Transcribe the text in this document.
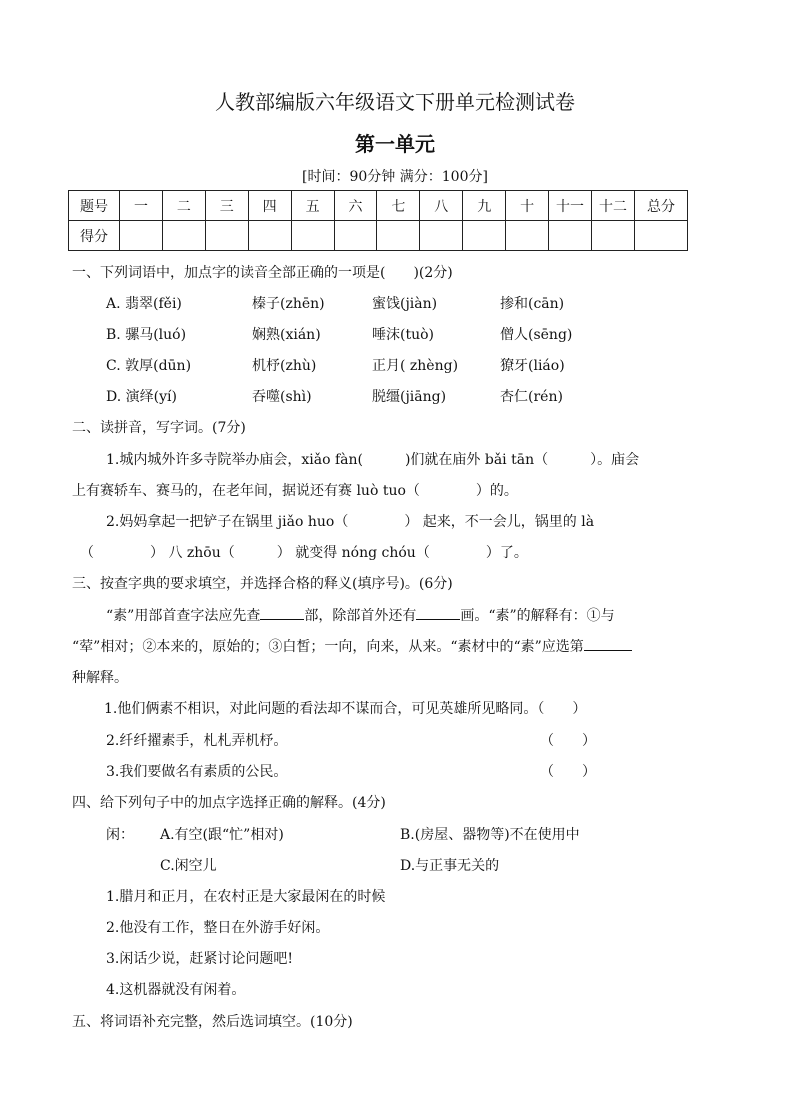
人教部编版六年级语文下册单元检测试卷
第一单元
[时间：90分钟 满分：100分]
题号	一	二	三	四	五	六	七	八	九	十	十一	十二	总分
得分													
一、下列词语中，加点字的读音全部正确的一项是(　　)(2分)
A. 翡翠(fěi)	榛子(zhēn)	蜜饯(jiàn)	掺和(cān)
B. 骡马(luó)	娴熟(xián)	唾沫(tuò)	僧人(sēng)
C. 敦厚(dūn)	机杼(zhù)	正月( zhèng)	獠牙(liáo)
D. 演绎(yí)	吞噬(shì)	脱缰(jiāng)	杏仁(rén)
二、读拼音，写字词。(7分)
1.城内城外许多寺院举办庙会，xiǎo fàn(　　　)们就在庙外 bǎi tān（　　　）。庙会
上有赛轿车、赛马的，在老年间，据说还有赛 luò tuo（　　　　）的。
2.妈妈拿起一把铲子在锅里 jiǎo huo（　　　　） 起来，不一会儿，锅里的 là
（　　　　） 八 zhōu（　　　） 就变得 nóng chóu（　　　　）了。
三、按查字典的要求填空，并选择合格的释义(填序号)。(6分)
“素”用部首查字法应先查	部，除部首外还有	画。“素”的解释有：①与
“荤”相对；②本来的，原始的；③白皙；一向，向来，从来。“素材中的“素”应选第
种解释。
1.他们俩素不相识，对此问题的看法却不谋而合，可见英雄所见略同。（　　）
2.纤纤擢素手，札札弄机杼。	（　　）
3.我们要做名有素质的公民。	（　　）
四、给下列句子中的加点字选择正确的解释。(4分)
闲： A.有空(跟“忙”相对)	B.(房屋、器物等)不在使用中
C.闲空儿	D.与正事无关的
1.腊月和正月，在农村正是大家最闲在的时候
2.他没有工作，整日在外游手好闲。
3.闲话少说，赶紧讨论问题吧!
4.这机器就没有闲着。
五、将词语补充完整，然后选词填空。(10分)
